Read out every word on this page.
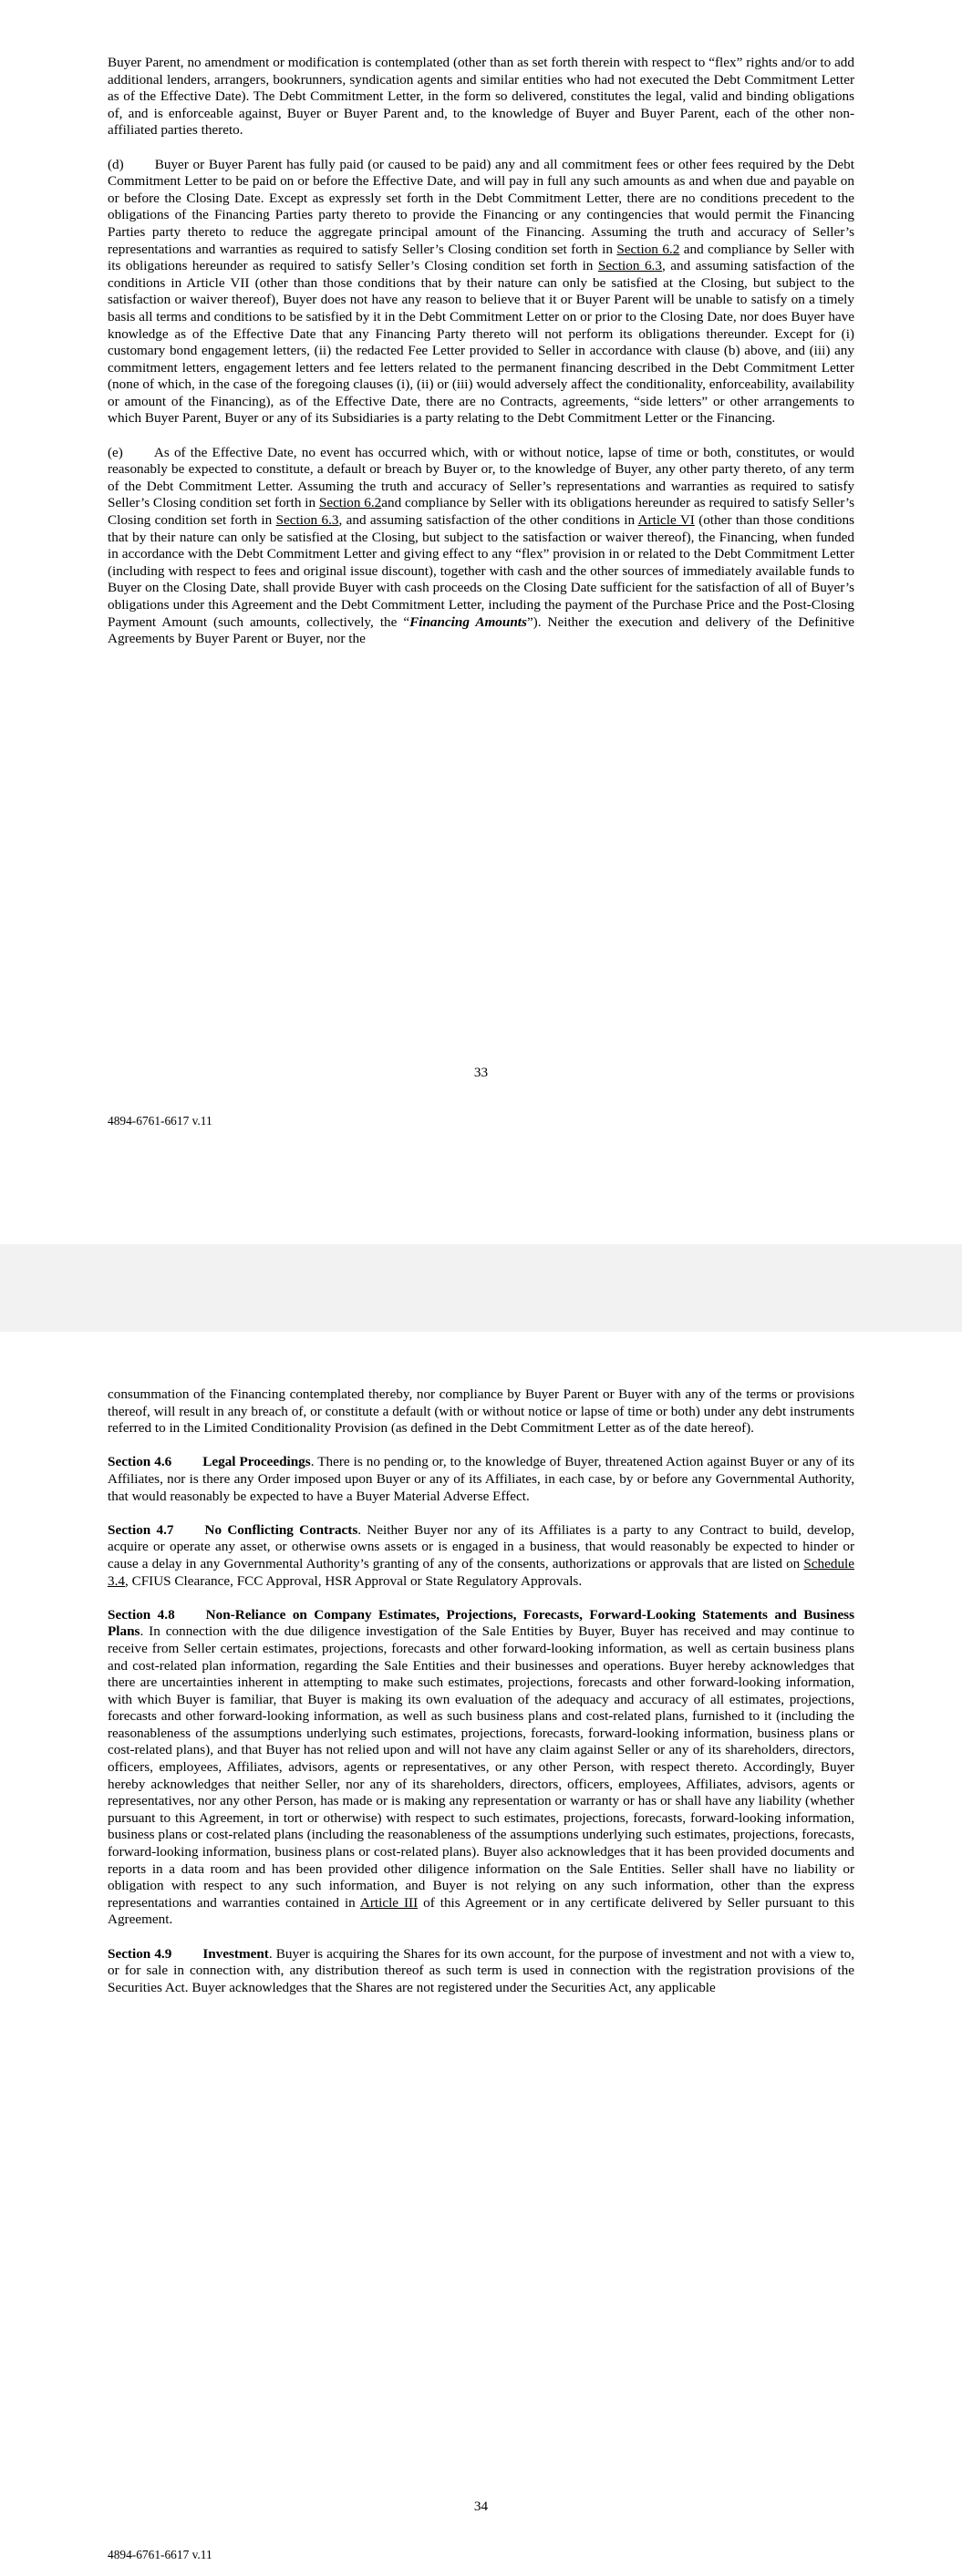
Buyer Parent, no amendment or modification is contemplated (other than as set forth therein with respect to “flex” rights and/or to add additional lenders, arrangers, bookrunners, syndication agents and similar entities who had not executed the Debt Commitment Letter as of the Effective Date). The Debt Commitment Letter, in the form so delivered, constitutes the legal, valid and binding obligations of, and is enforceable against, Buyer or Buyer Parent and, to the knowledge of Buyer and Buyer Parent, each of the other non-affiliated parties thereto.

(d) Buyer or Buyer Parent has fully paid (or caused to be paid) any and all commitment fees or other fees required by the Debt Commitment Letter to be paid on or before the Effective Date, and will pay in full any such amounts as and when due and payable on or before the Closing Date. Except as expressly set forth in the Debt Commitment Letter, there are no conditions precedent to the obligations of the Financing Parties party thereto to provide the Financing or any contingencies that would permit the Financing Parties party thereto to reduce the aggregate principal amount of the Financing. Assuming the truth and accuracy of Seller’s representations and warranties as required to satisfy Seller’s Closing condition set forth in Section 6.2 and compliance by Seller with its obligations hereunder as required to satisfy Seller’s Closing condition set forth in Section 6.3, and assuming satisfaction of the conditions in Article VII (other than those conditions that by their nature can only be satisfied at the Closing, but subject to the satisfaction or waiver thereof), Buyer does not have any reason to believe that it or Buyer Parent will be unable to satisfy on a timely basis all terms and conditions to be satisfied by it in the Debt Commitment Letter on or prior to the Closing Date, nor does Buyer have knowledge as of the Effective Date that any Financing Party thereto will not perform its obligations thereunder. Except for (i) customary bond engagement letters, (ii) the redacted Fee Letter provided to Seller in accordance with clause (b) above, and (iii) any commitment letters, engagement letters and fee letters related to the permanent financing described in the Debt Commitment Letter (none of which, in the case of the foregoing clauses (i), (ii) or (iii) would adversely affect the conditionality, enforceability, availability or amount of the Financing), as of the Effective Date, there are no Contracts, agreements, “side letters” or other arrangements to which Buyer Parent, Buyer or any of its Subsidiaries is a party relating to the Debt Commitment Letter or the Financing.

(e) As of the Effective Date, no event has occurred which, with or without notice, lapse of time or both, constitutes, or would reasonably be expected to constitute, a default or breach by Buyer or, to the knowledge of Buyer, any other party thereto, of any term of the Debt Commitment Letter. Assuming the truth and accuracy of Seller’s representations and warranties as required to satisfy Seller’s Closing condition set forth in Section 6.2and compliance by Seller with its obligations hereunder as required to satisfy Seller’s Closing condition set forth in Section 6.3, and assuming satisfaction of the other conditions in Article VI (other than those conditions that by their nature can only be satisfied at the Closing, but subject to the satisfaction or waiver thereof), the Financing, when funded in accordance with the Debt Commitment Letter and giving effect to any “flex” provision in or related to the Debt Commitment Letter (including with respect to fees and original issue discount), together with cash and the other sources of immediately available funds to Buyer on the Closing Date, shall provide Buyer with cash proceeds on the Closing Date sufficient for the satisfaction of all of Buyer’s obligations under this Agreement and the Debt Commitment Letter, including the payment of the Purchase Price and the Post-Closing Payment Amount (such amounts, collectively, the “Financing Amounts”). Neither the execution and delivery of the Definitive Agreements by Buyer Parent or Buyer, nor the

33
4894-6761-6617 v.11

consummation of the Financing contemplated thereby, nor compliance by Buyer Parent or Buyer with any of the terms or provisions thereof, will result in any breach of, or constitute a default (with or without notice or lapse of time or both) under any debt instruments referred to in the Limited Conditionality Provision (as defined in the Debt Commitment Letter as of the date hereof).

Section 4.6 Legal Proceedings. There is no pending or, to the knowledge of Buyer, threatened Action against Buyer or any of its Affiliates, nor is there any Order imposed upon Buyer or any of its Affiliates, in each case, by or before any Governmental Authority, that would reasonably be expected to have a Buyer Material Adverse Effect.

Section 4.7 No Conflicting Contracts. Neither Buyer nor any of its Affiliates is a party to any Contract to build, develop, acquire or operate any asset, or otherwise owns assets or is engaged in a business, that would reasonably be expected to hinder or cause a delay in any Governmental Authority’s granting of any of the consents, authorizations or approvals that are listed on Schedule 3.4, CFIUS Clearance, FCC Approval, HSR Approval or State Regulatory Approvals.

Section 4.8 Non-Reliance on Company Estimates, Projections, Forecasts, Forward-Looking Statements and Business Plans. In connection with the due diligence investigation of the Sale Entities by Buyer, Buyer has received and may continue to receive from Seller certain estimates, projections, forecasts and other forward-looking information, as well as certain business plans and cost-related plan information, regarding the Sale Entities and their businesses and operations. Buyer hereby acknowledges that there are uncertainties inherent in attempting to make such estimates, projections, forecasts and other forward-looking information, with which Buyer is familiar, that Buyer is making its own evaluation of the adequacy and accuracy of all estimates, projections, forecasts and other forward-looking information, as well as such business plans and cost-related plans, furnished to it (including the reasonableness of the assumptions underlying such estimates, projections, forecasts, forward-looking information, business plans or cost-related plans), and that Buyer has not relied upon and will not have any claim against Seller or any of its shareholders, directors, officers, employees, Affiliates, advisors, agents or representatives, or any other Person, with respect thereto. Accordingly, Buyer hereby acknowledges that neither Seller, nor any of its shareholders, directors, officers, employees, Affiliates, advisors, agents or representatives, nor any other Person, has made or is making any representation or warranty or has or shall have any liability (whether pursuant to this Agreement, in tort or otherwise) with respect to such estimates, projections, forecasts, forward-looking information, business plans or cost-related plans (including the reasonableness of the assumptions underlying such estimates, projections, forecasts, forward-looking information, business plans or cost-related plans). Buyer also acknowledges that it has been provided documents and reports in a data room and has been provided other diligence information on the Sale Entities. Seller shall have no liability or obligation with respect to any such information, and Buyer is not relying on any such information, other than the express representations and warranties contained in Article III of this Agreement or in any certificate delivered by Seller pursuant to this Agreement.

Section 4.9 Investment. Buyer is acquiring the Shares for its own account, for the purpose of investment and not with a view to, or for sale in connection with, any distribution thereof as such term is used in connection with the registration provisions of the Securities Act. Buyer acknowledges that the Shares are not registered under the Securities Act, any applicable

34
4894-6761-6617 v.11
